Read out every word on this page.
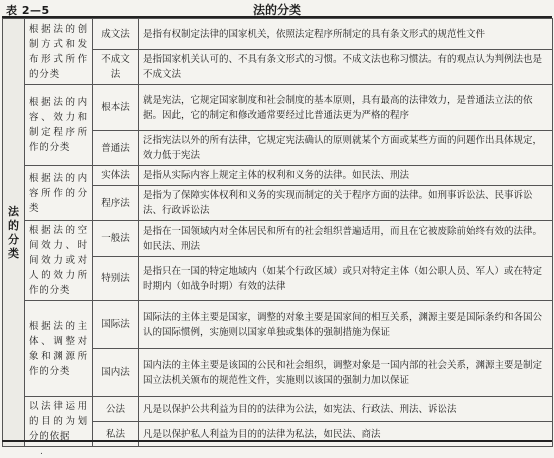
表 2—5	法的分类
法的分类	根据法的创制方式和发布形式所作的分类	成文法	是指有权制定法律的国家机关，依照法定程序所制定的具有条文形式的规范性文件
		不成文法	是指国家机关认可的、不具有条文形式的习惯。不成文法也称习惯法。有的观点认为判例法也是不成文法
	根据法的内容、效力和制定程序所作的分类	根本法	就是宪法，它规定国家制度和社会制度的基本原则，具有最高的法律效力，是普通法立法的依据。因此，它的制定和修改通常要经过比普通法更为严格的程序
		普通法	泛指宪法以外的所有法律，它规定宪法确认的原则就某个方面或某些方面的问题作出具体规定，效力低于宪法
	根据法的内容所作的分类	实体法	是指从实际内容上规定主体的权利和义务的法律。如民法、刑法
		程序法	是指为了保障实体权利和义务的实现而制定的关于程序方面的法律。如刑事诉讼法、民事诉讼法、行政诉讼法
	根据法的空间效力、时间效力或对人的效力所作的分类	一般法	是指在一国领域内对全体居民和所有的社会组织普遍适用，而且在它被废除前始终有效的法律。如民法、刑法
		特别法	是指只在一国的特定地域内（如某个行政区域）或只对特定主体（如公职人员、军人）或在特定时期内（如战争时期）有效的法律
	根据法的主体、调整对象和渊源所作的分类	国际法	国际法的主体主要是国家，调整的对象主要是国家间的相互关系，渊源主要是国际条约和各国公认的国际惯例，实施则以国家单独或集体的强制措施为保证
		国内法	国内法的主体主要是该国的公民和社会组织，调整对象是一国内部的社会关系，渊源主要是制定国立法机关颁布的规范性文件，实施则以该国的强制力加以保证
	以法律运用的目的为划分的依据	公法	凡是以保护公共利益为目的的法律为公法，如宪法、行政法、刑法、诉讼法
		私法	凡是以保护私人利益为目的的法律为私法，如民法、商法
.
